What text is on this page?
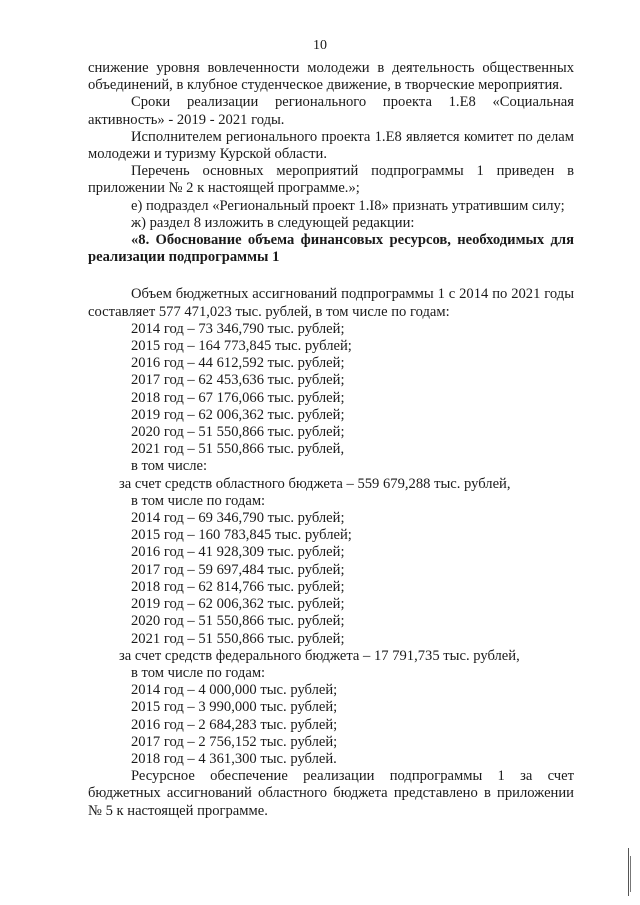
10

снижение уровня вовлеченности молодежи в деятельность общественных объединений, в клубное студенческое движение, в творческие мероприятия.

Сроки реализации регионального проекта 1.Е8 «Социальная активность» - 2019 - 2021 годы.

Исполнителем регионального проекта 1.Е8 является комитет по делам молодежи и туризму Курской области.

Перечень основных мероприятий подпрограммы 1 приведен в приложении № 2 к настоящей программе.»;

е) подраздел «Региональный проект 1.I8» признать утратившим силу;

ж) раздел 8 изложить в следующей редакции:

«8. Обоснование объема финансовых ресурсов, необходимых для реализации подпрограммы 1

Объем бюджетных ассигнований подпрограммы 1 с 2014 по 2021 годы составляет 577 471,023 тыс. рублей, в том числе по годам:

2014 год – 73 346,790 тыс. рублей;

2015 год – 164 773,845 тыс. рублей;

2016 год – 44 612,592 тыс. рублей;

2017 год – 62 453,636 тыс. рублей;

2018 год – 67 176,066 тыс. рублей;

2019 год – 62 006,362 тыс. рублей;

2020 год – 51 550,866 тыс. рублей;

2021 год – 51 550,866 тыс. рублей,

в том числе:

за счет средств областного бюджета – 559 679,288 тыс. рублей,

в том числе по годам:

2014 год – 69 346,790 тыс. рублей;

2015 год – 160 783,845 тыс. рублей;

2016 год – 41 928,309 тыс. рублей;

2017 год – 59 697,484 тыс. рублей;

2018 год – 62 814,766 тыс. рублей;

2019 год – 62 006,362 тыс. рублей;

2020 год – 51 550,866 тыс. рублей;

2021 год – 51 550,866 тыс. рублей;

за счет средств федерального бюджета – 17 791,735 тыс. рублей,

в том числе по годам:

2014 год – 4 000,000 тыс. рублей;

2015 год – 3 990,000 тыс. рублей;

2016 год – 2 684,283 тыс. рублей;

2017 год – 2 756,152 тыс. рублей;

2018 год – 4 361,300 тыс. рублей.

Ресурсное обеспечение реализации подпрограммы 1 за счет бюджетных ассигнований областного бюджета представлено в приложении № 5 к настоящей программе.
